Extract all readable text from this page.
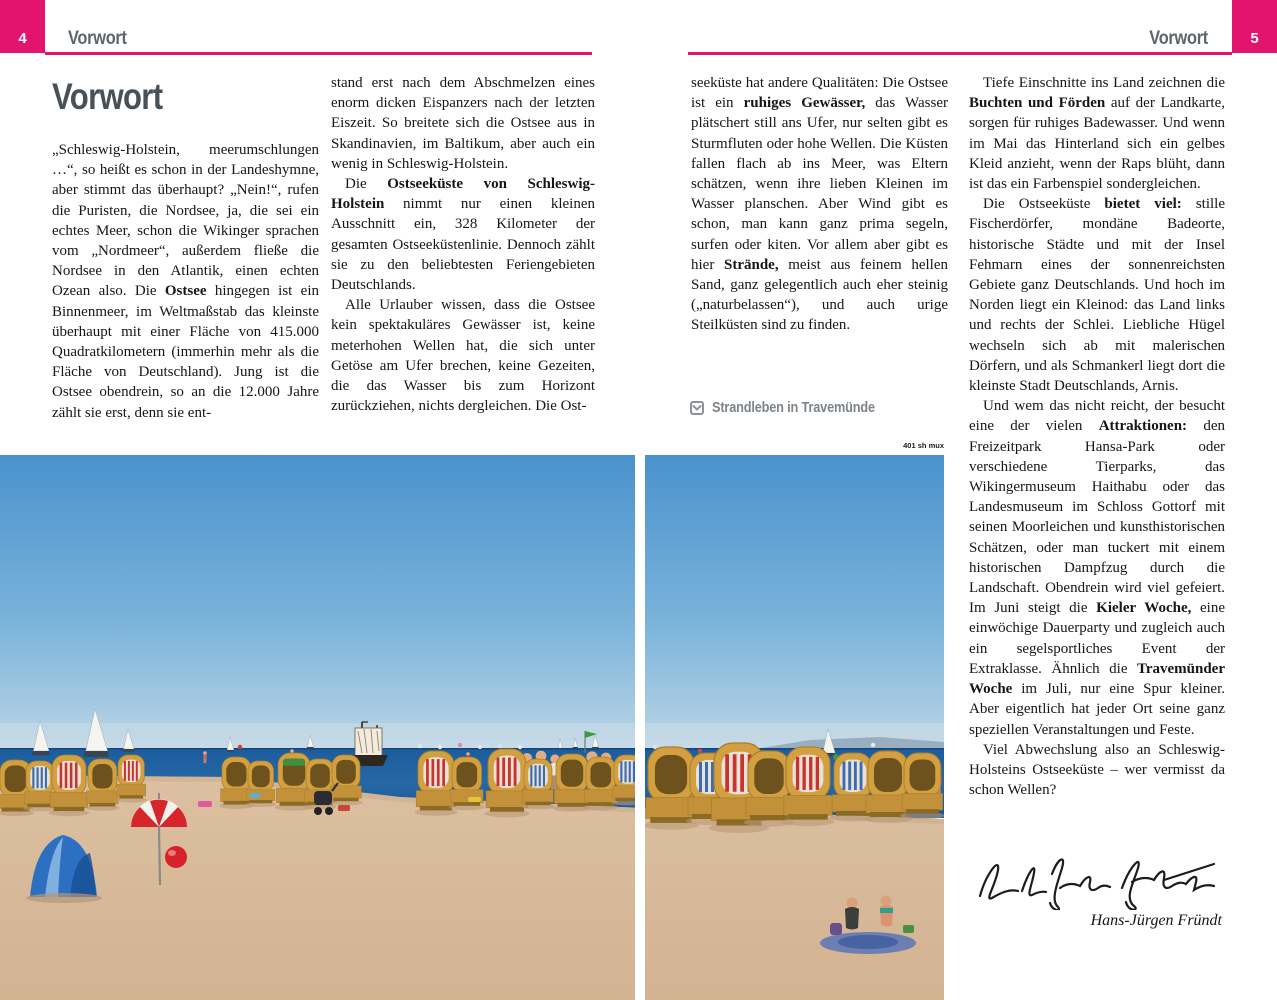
4 Vorwort	5
Vorwort
Vorwort

„Schleswig-Holstein, meerumschlungen …“, so heißt es schon in der Landeshymne, aber stimmt das überhaupt? „Nein!“, rufen die Puristen, die Nordsee, ja, die sei ein echtes Meer, schon die Wikinger sprachen vom „Nordmeer“, außerdem fließe die Nordsee in den Atlantik, einen echten Ozean also. Die Ostsee hingegen ist ein Binnenmeer, im Weltmaßstab das kleinste überhaupt mit einer Fläche von 415.000 Quadratkilometern (immerhin mehr als die Fläche von Deutschland). Jung ist die Ostsee obendrein, so an die 12.000 Jahre zählt sie erst, denn sie ent-

stand erst nach dem Abschmelzen eines enorm dicken Eispanzers nach der letzten Eiszeit. So breitete sich die Ostsee aus in Skandinavien, im Baltikum, aber auch ein wenig in Schleswig-Holstein.

Die Ostseeküste von Schleswig-Holstein nimmt nur einen kleinen Ausschnitt ein, 328 Kilometer der gesamten Ostseeküstenlinie. Dennoch zählt sie zu den beliebtesten Feriengebieten Deutschlands.

Alle Urlauber wissen, dass die Ostsee kein spektakuläres Gewässer ist, keine meterhohen Wellen hat, die sich unter Getöse am Ufer brechen, keine Gezeiten, die das Wasser bis zum Horizont zurückziehen, nichts dergleichen. Die Ost-

seeküste hat andere Qualitäten: Die Ostsee ist ein ruhiges Gewässer, das Wasser plätschert still ans Ufer, nur selten gibt es Sturmfluten oder hohe Wellen. Die Küsten fallen flach ab ins Meer, was Eltern schätzen, wenn ihre lieben Kleinen im Wasser planschen. Aber Wind gibt es schon, man kann ganz prima segeln, surfen oder kiten. Vor allem aber gibt es hier Strände, meist aus feinem hellen Sand, ganz gelegentlich auch eher steinig („naturbelassen“), und auch urige Steilküsten sind zu finden.

Tiefe Einschnitte ins Land zeichnen die Buchten und Förden auf der Landkarte, sorgen für ruhiges Badewasser. Und wenn im Mai das Hinterland sich ein gelbes Kleid anzieht, wenn der Raps blüht, dann ist das ein Farbenspiel sondergleichen.

Die Ostseeküste bietet viel: stille Fischerdörfer, mondäne Badeorte, historische Städte und mit der Insel Fehmarn eines der sonnenreichsten Gebiete ganz Deutschlands. Und hoch im Norden liegt ein Kleinod: das Land links und rechts der Schlei. Liebliche Hügel wechseln sich ab mit malerischen Dörfern, und als Schmankerl liegt dort die kleinste Stadt Deutschlands, Arnis.

Und wem das nicht reicht, der besucht eine der vielen Attraktionen: den Freizeitpark Hansa-Park oder verschiedene Tierparks, das Wikingermuseum Haithabu oder das Landesmuseum im Schloss Gottorf mit seinen Moorleichen und kunsthistorischen Schätzen, oder man tuckert mit einem historischen Dampfzug durch die Landschaft. Obendrein wird viel gefeiert. Im Juni steigt die Kieler Woche, eine einwöchige Dauerparty und zugleich auch ein segelsportliches Event der Extraklasse. Ähnlich die Travemünder Woche im Juli, nur eine Spur kleiner. Aber eigentlich hat jeder Ort seine ganz speziellen Veranstaltungen und Feste.

Viel Abwechslung also an Schleswig-Holsteins Ostseeküste – wer vermisst da schon Wellen?

Strandleben in Travemünde
401 sh mux
Hans-Jürgen Fründt
